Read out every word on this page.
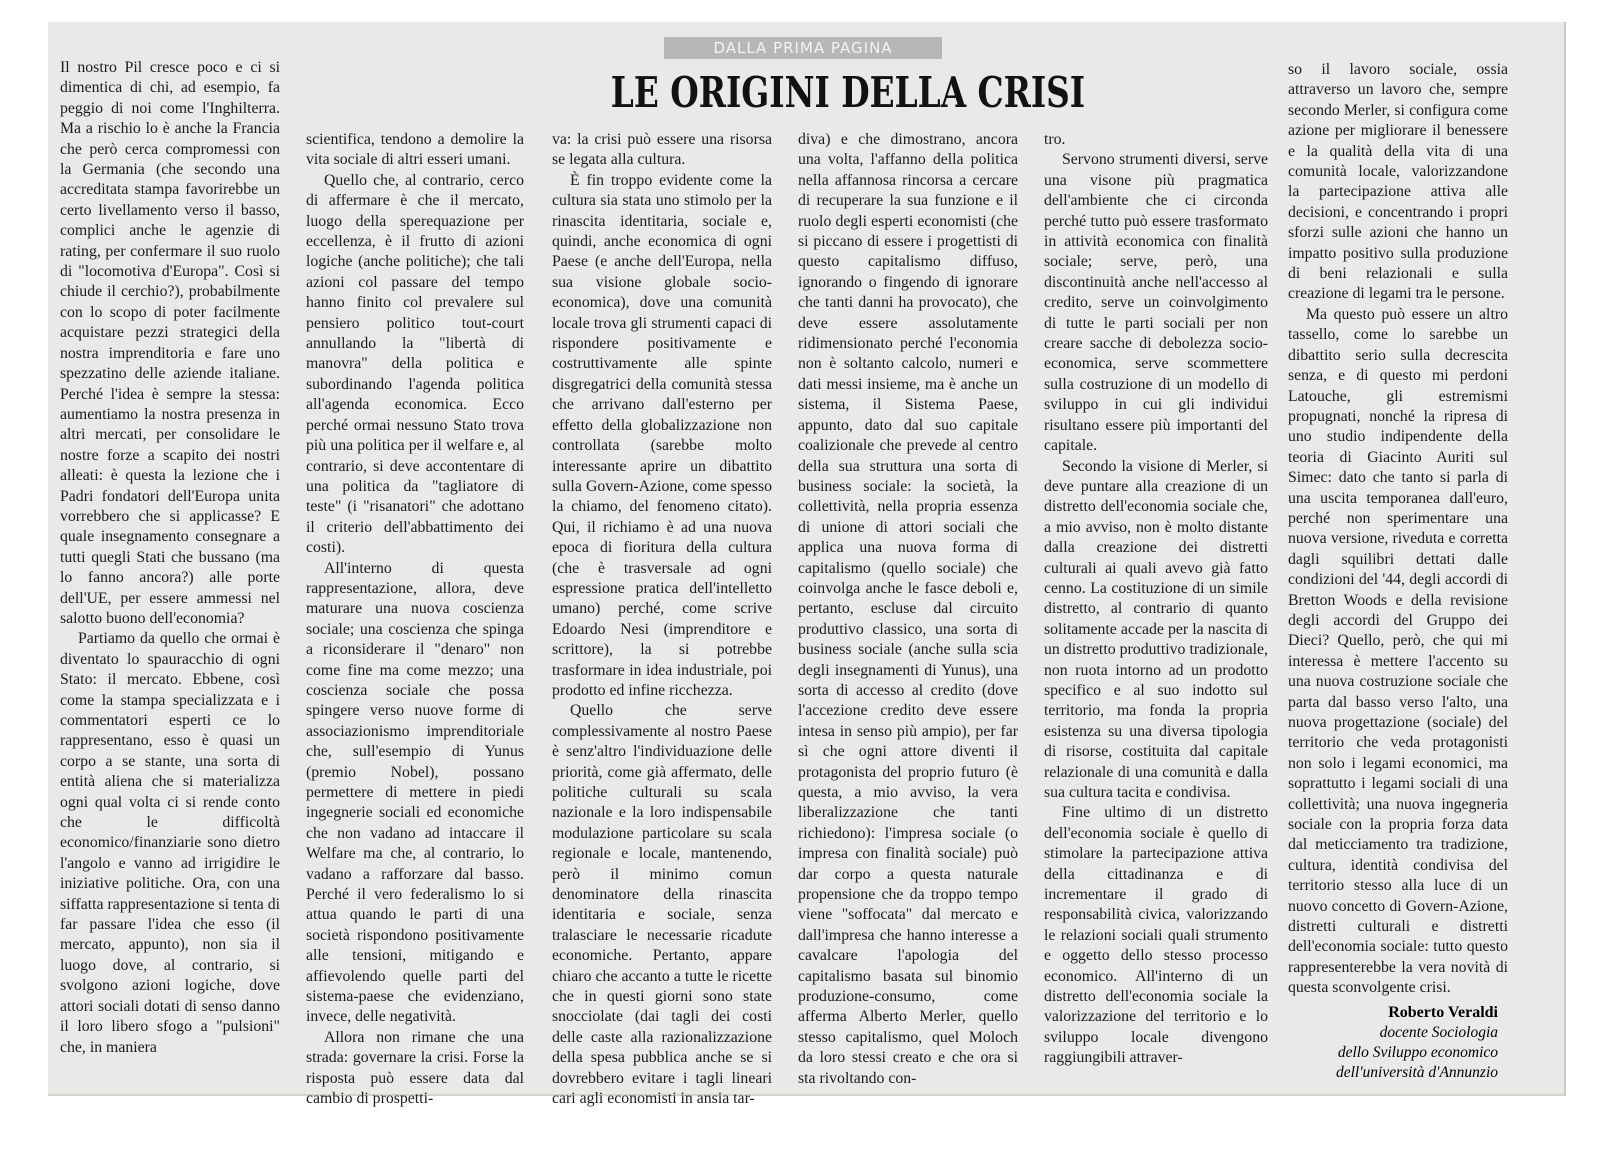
DALLA PRIMA PAGINA
LE ORIGINI DELLA CRISI

Il nostro Pil cresce poco e ci si dimentica di chi, ad esempio, fa peggio di noi come l'Inghilterra. Ma a rischio lo è anche la Francia che però cerca compromessi con la Germania (che secondo una accreditata stampa favorirebbe un certo livellamento verso il basso, complici anche le agenzie di rating, per confermare il suo ruolo di "locomotiva d'Europa". Così si chiude il cerchio?), probabilmente con lo scopo di poter facilmente acquistare pezzi strategici della nostra imprenditoria e fare uno spezzatino delle aziende italiane. Perché l'idea è sempre la stessa: aumentiamo la nostra presenza in altri mercati, per consolidare le nostre forze a scapito dei nostri alleati: è questa la lezione che i Padri fondatori dell'Europa unita vorrebbero che si applicasse? E quale insegnamento consegnare a tutti quegli Stati che bussano (ma lo fanno ancora?) alle porte dell'UE, per essere ammessi nel salotto buono dell'economia?

Partiamo da quello che ormai è diventato lo spauracchio di ogni Stato: il mercato. Ebbene, così come la stampa specializzata e i commentatori esperti ce lo rappresentano, esso è quasi un corpo a se stante, una sorta di entità aliena che si materializza ogni qual volta ci si rende conto che le difficoltà economico/finanziarie sono dietro l'angolo e vanno ad irrigidire le iniziative politiche. Ora, con una siffatta rappresentazione si tenta di far passare l'idea che esso (il mercato, appunto), non sia il luogo dove, al contrario, si svolgono azioni logiche, dove attori sociali dotati di senso danno il loro libero sfogo a "pulsioni" che, in maniera

scientifica, tendono a demolire la vita sociale di altri esseri umani.

Quello che, al contrario, cerco di affermare è che il mercato, luogo della sperequazione per eccellenza, è il frutto di azioni logiche (anche politiche); che tali azioni col passare del tempo hanno finito col prevalere sul pensiero politico tout-court annullando la "libertà di manovra" della politica e subordinando l'agenda politica all'agenda economica. Ecco perché ormai nessuno Stato trova più una politica per il welfare e, al contrario, si deve accontentare di una politica da "tagliatore di teste" (i "risanatori" che adottano il criterio dell'abbattimento dei costi).

All'interno di questa rappresentazione, allora, deve maturare una nuova coscienza sociale; una coscienza che spinga a riconsiderare il "denaro" non come fine ma come mezzo; una coscienza sociale che possa spingere verso nuove forme di associazionismo imprenditoriale che, sull'esempio di Yunus (premio Nobel), possano permettere di mettere in piedi ingegnerie sociali ed economiche che non vadano ad intaccare il Welfare ma che, al contrario, lo vadano a rafforzare dal basso. Perché il vero federalismo lo si attua quando le parti di una società rispondono positivamente alle tensioni, mitigando e affievolendo quelle parti del sistema-paese che evidenziano, invece, delle negatività.

Allora non rimane che una strada: governare la crisi. Forse la risposta può essere data dal cambio di prospetti-

va: la crisi può essere una risorsa se legata alla cultura.

È fin troppo evidente come la cultura sia stata uno stimolo per la rinascita identitaria, sociale e, quindi, anche economica di ogni Paese (e anche dell'Europa, nella sua visione globale socio-economica), dove una comunità locale trova gli strumenti capaci di rispondere positivamente e costruttivamente alle spinte disgregatrici della comunità stessa che arrivano dall'esterno per effetto della globalizzazione non controllata (sarebbe molto interessante aprire un dibattito sulla Govern-Azione, come spesso la chiamo, del fenomeno citato). Qui, il richiamo è ad una nuova epoca di fioritura della cultura (che è trasversale ad ogni espressione pratica dell'intelletto umano) perché, come scrive Edoardo Nesi (imprenditore e scrittore), la si potrebbe trasformare in idea industriale, poi prodotto ed infine ricchezza.

Quello che serve complessivamente al nostro Paese è senz'altro l'individuazione delle priorità, come già affermato, delle politiche culturali su scala nazionale e la loro indispensabile modulazione particolare su scala regionale e locale, mantenendo, però il minimo comun denominatore della rinascita identitaria e sociale, senza tralasciare le necessarie ricadute economiche. Pertanto, appare chiaro che accanto a tutte le ricette che in questi giorni sono state snocciolate (dai tagli dei costi delle caste alla razionalizzazione della spesa pubblica anche se si dovrebbero evitare i tagli lineari cari agli economisti in ansia tar-

diva) e che dimostrano, ancora una volta, l'affanno della politica nella affannosa rincorsa a cercare di recuperare la sua funzione e il ruolo degli esperti economisti (che si piccano di essere i progettisti di questo capitalismo diffuso, ignorando o fingendo di ignorare che tanti danni ha provocato), che deve essere assolutamente ridimensionato perché l'economia non è soltanto calcolo, numeri e dati messi insieme, ma è anche un sistema, il Sistema Paese, appunto, dato dal suo capitale coalizionale che prevede al centro della sua struttura una sorta di business sociale: la società, la collettività, nella propria essenza di unione di attori sociali che applica una nuova forma di capitalismo (quello sociale) che coinvolga anche le fasce deboli e, pertanto, escluse dal circuito produttivo classico, una sorta di business sociale (anche sulla scia degli insegnamenti di Yunus), una sorta di accesso al credito (dove l'accezione credito deve essere intesa in senso più ampio), per far sì che ogni attore diventi il protagonista del proprio futuro (è questa, a mio avviso, la vera liberalizzazione che tanti richiedono): l'impresa sociale (o impresa con finalità sociale) può dar corpo a questa naturale propensione che da troppo tempo viene "soffocata" dal mercato e dall'impresa che hanno interesse a cavalcare l'apologia del capitalismo basata sul binomio produzione-consumo, come afferma Alberto Merler, quello stesso capitalismo, quel Moloch da loro stessi creato e che ora si sta rivoltando con-

tro.

Servono strumenti diversi, serve una visone più pragmatica dell'ambiente che ci circonda perché tutto può essere trasformato in attività economica con finalità sociale; serve, però, una discontinuità anche nell'accesso al credito, serve un coinvolgimento di tutte le parti sociali per non creare sacche di debolezza socio-economica, serve scommettere sulla costruzione di un modello di sviluppo in cui gli individui risultano essere più importanti del capitale.

Secondo la visione di Merler, si deve puntare alla creazione di un distretto dell'economia sociale che, a mio avviso, non è molto distante dalla creazione dei distretti culturali ai quali avevo già fatto cenno. La costituzione di un simile distretto, al contrario di quanto solitamente accade per la nascita di un distretto produttivo tradizionale, non ruota intorno ad un prodotto specifico e al suo indotto sul territorio, ma fonda la propria esistenza su una diversa tipologia di risorse, costituita dal capitale relazionale di una comunità e dalla sua cultura tacita e condivisa.

Fine ultimo di un distretto dell'economia sociale è quello di stimolare la partecipazione attiva della cittadinanza e di incrementare il grado di responsabilità civica, valorizzando le relazioni sociali quali strumento e oggetto dello stesso processo economico. All'interno di un distretto dell'economia sociale la valorizzazione del territorio e lo sviluppo locale divengono raggiungibili attraver-

so il lavoro sociale, ossia attraverso un lavoro che, sempre secondo Merler, si configura come azione per migliorare il benessere e la qualità della vita di una comunità locale, valorizzandone la partecipazione attiva alle decisioni, e concentrando i propri sforzi sulle azioni che hanno un impatto positivo sulla produzione di beni relazionali e sulla creazione di legami tra le persone.

Ma questo può essere un altro tassello, come lo sarebbe un dibattito serio sulla decrescita senza, e di questo mi perdoni Latouche, gli estremismi propugnati, nonché la ripresa di uno studio indipendente della teoria di Giacinto Auriti sul Simec: dato che tanto si parla di una uscita temporanea dall'euro, perché non sperimentare una nuova versione, riveduta e corretta dagli squilibri dettati dalle condizioni del '44, degli accordi di Bretton Woods e della revisione degli accordi del Gruppo dei Dieci? Quello, però, che qui mi interessa è mettere l'accento su una nuova costruzione sociale che parta dal basso verso l'alto, una nuova progettazione (sociale) del territorio che veda protagonisti non solo i legami economici, ma soprattutto i legami sociali di una collettività; una nuova ingegneria sociale con la propria forza data dal meticciamento tra tradizione, cultura, identità condivisa del territorio stesso alla luce di un nuovo concetto di Govern-Azione, distretti culturali e distretti dell'economia sociale: tutto questo rappresenterebbe la vera novità di questa sconvolgente crisi.

Roberto Veraldi
docente Sociologia
dello Sviluppo economico
dell'università d'Annunzio
